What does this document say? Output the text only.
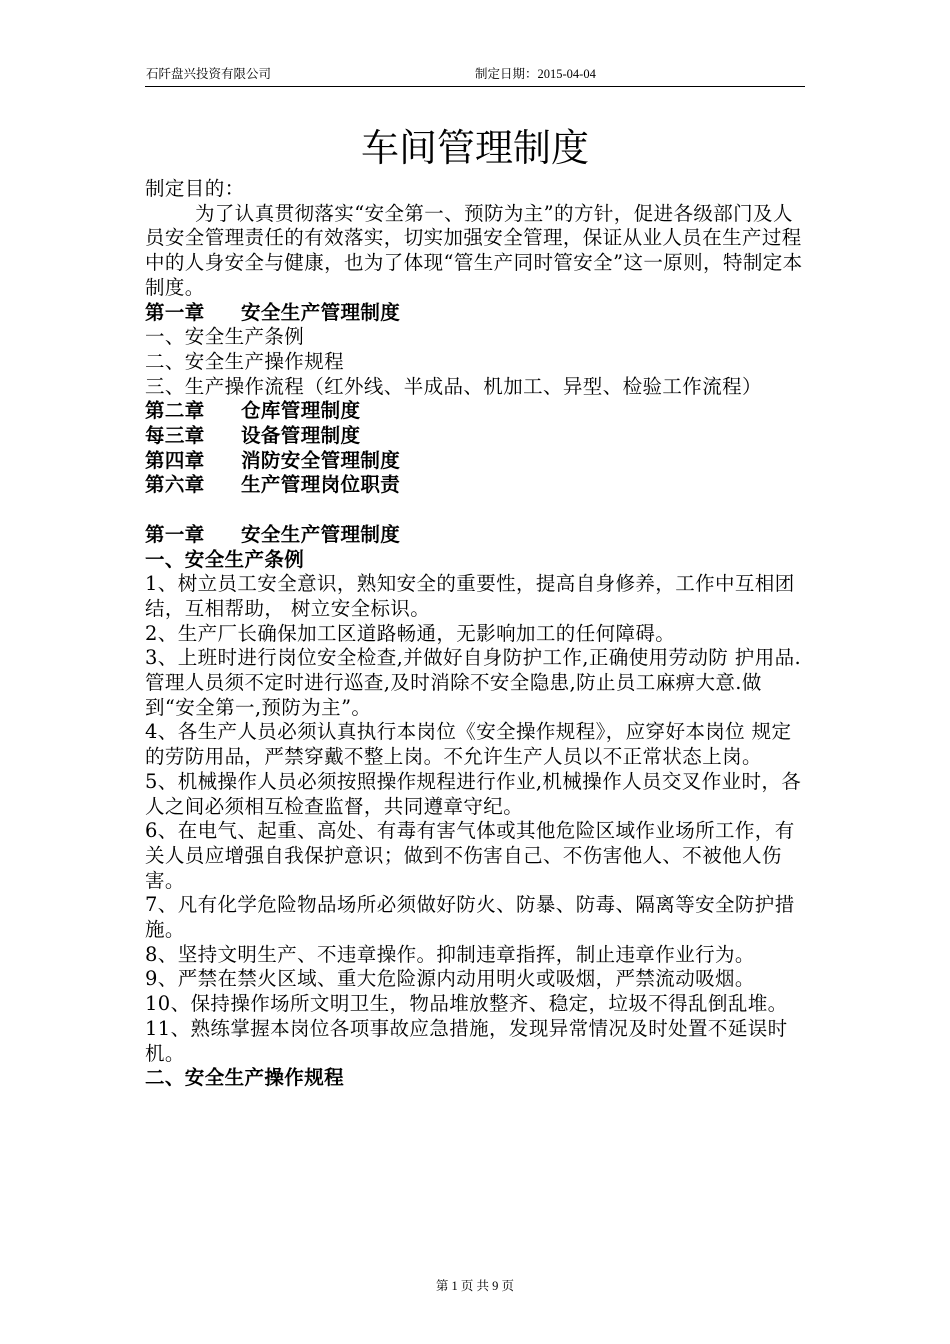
石阡盘兴投资有限公司	制定日期：2015-04-04
车间管理制度

制定目的：

为了认真贯彻落实“安全第一、预防为主”的方针，促进各级部门及人员安全管理责任的有效落实，切实加强安全管理，保证从业人员在生产过程中的人身安全与健康，也为了体现“管生产同时管安全”这一原则，特制定本制度。

第一章 安全生产管理制度

一、安全生产条例

二、安全生产操作规程

三、生产操作流程（红外线、半成品、机加工、异型、检验工作流程）

第二章 仓库管理制度

每三章 设备管理制度

第四章 消防安全管理制度

第六章 生产管理岗位职责

第一章 安全生产管理制度

一、安全生产条例

1、树立员工安全意识，熟知安全的重要性，提高自身修养，工作中互相团结，互相帮助， 树立安全标识。

2、生产厂长确保加工区道路畅通，无影响加工的任何障碍。

3、上班时进行岗位安全检查,并做好自身防护工作,正确使用劳动防 护用品.管理人员须不定时进行巡查,及时消除不安全隐患,防止员工麻痹大意.做到“安全第一,预防为主”。

4、各生产人员必须认真执行本岗位《安全操作规程》，应穿好本岗位 规定的劳防用品，严禁穿戴不整上岗。不允许生产人员以不正常状态上岗。

5、机械操作人员必须按照操作规程进行作业,机械操作人员交叉作业时，各人之间必须相互检查监督，共同遵章守纪。

6、在电气、起重、高处、有毒有害气体或其他危险区域作业场所工作，有关人员应增强自我保护意识；做到不伤害自己、不伤害他人、不被他人伤害。

7、凡有化学危险物品场所必须做好防火、防暴、防毒、隔离等安全防护措施。

8、坚持文明生产、不违章操作。抑制违章指挥，制止违章作业行为。

9、严禁在禁火区域、重大危险源内动用明火或吸烟，严禁流动吸烟。

10、保持操作场所文明卫生，物品堆放整齐、稳定，垃圾不得乱倒乱堆。

11、熟练掌握本岗位各项事故应急措施，发现异常情况及时处置不延误时机。

二、安全生产操作规程

第 1 页 共 9 页
